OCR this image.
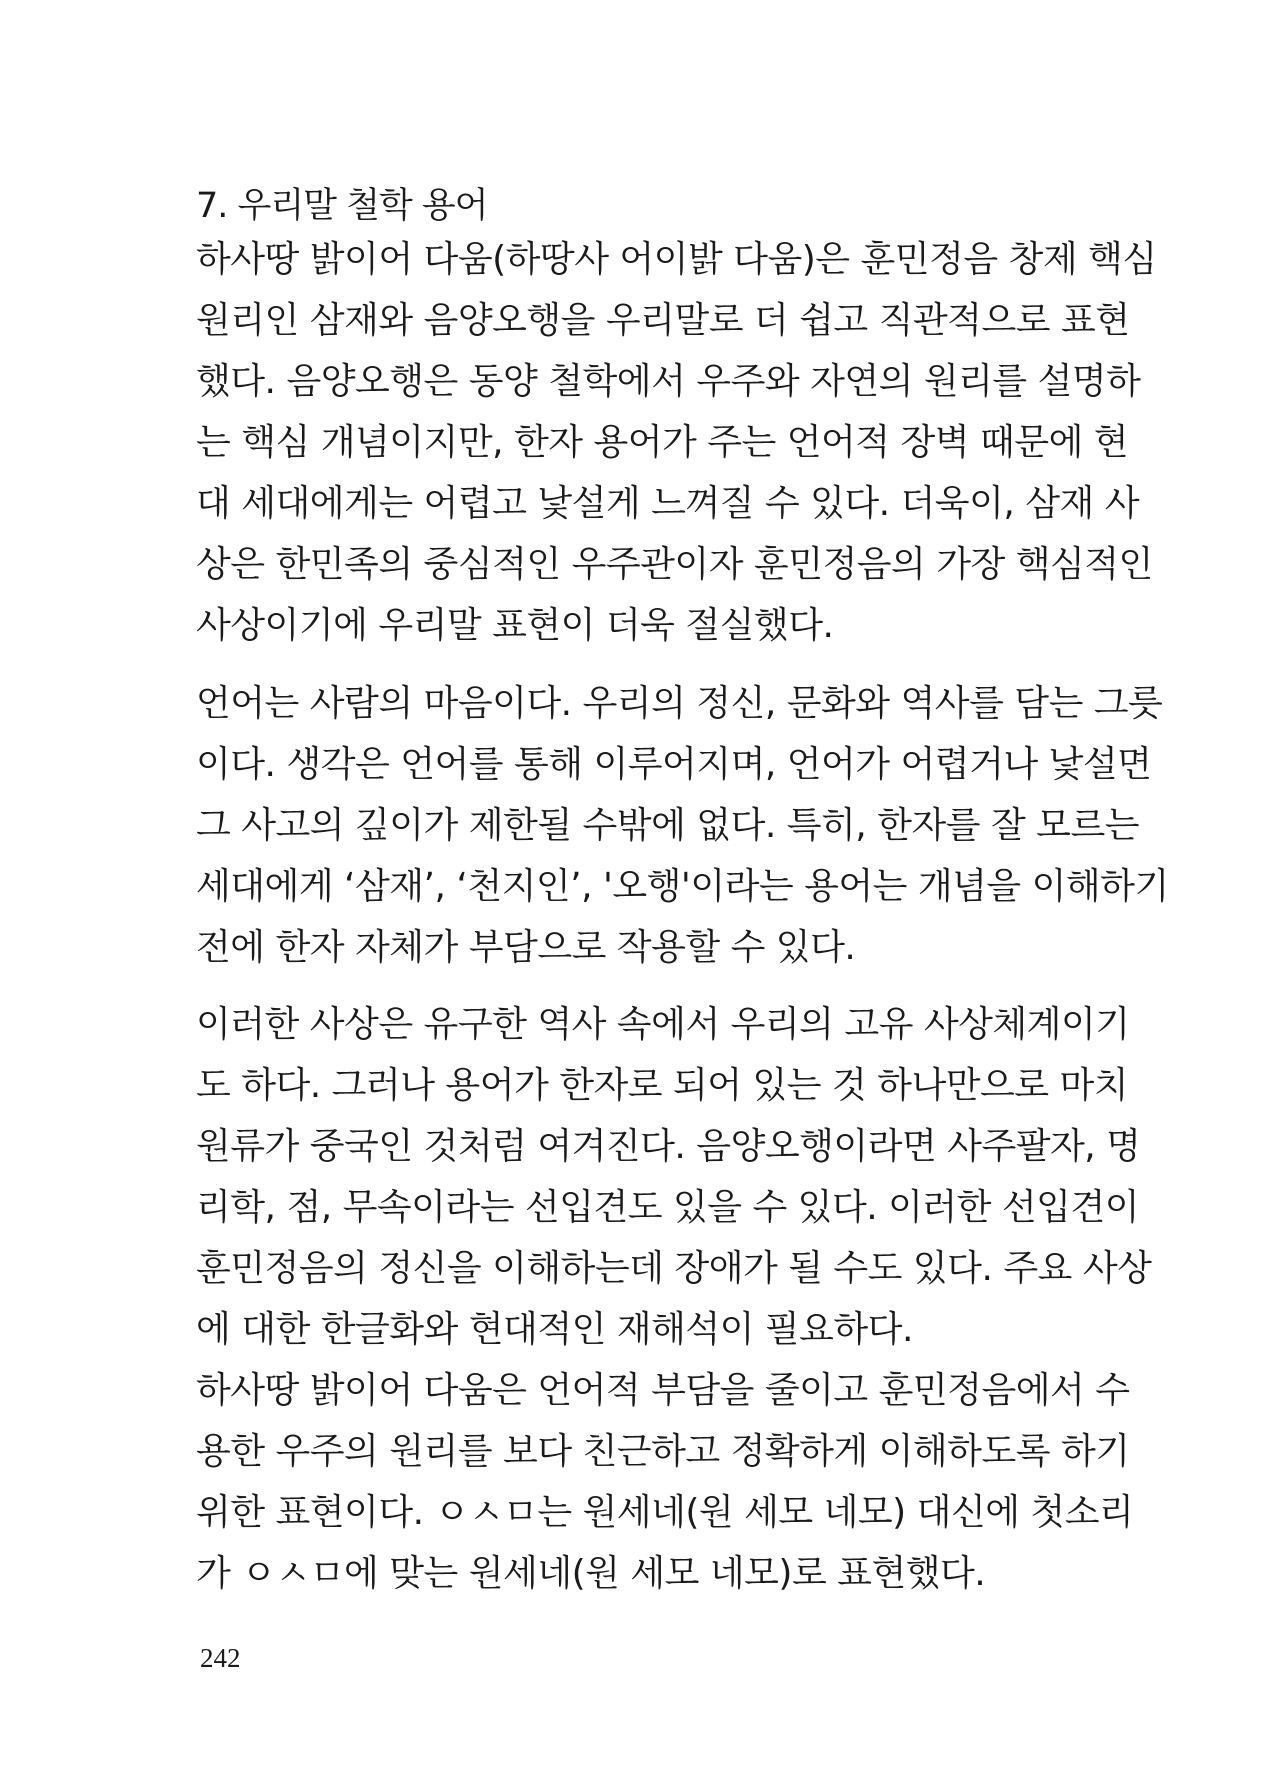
7. 우리말 철학 용어

하사땅 밝이어 다움(하땅사 어이밝 다움)은 훈민정음 창제 핵심

원리인 삼재와 음양오행을 우리말로 더 쉽고 직관적으로 표현

했다. 음양오행은 동양 철학에서 우주와 자연의 원리를 설명하

는 핵심 개념이지만, 한자 용어가 주는 언어적 장벽 때문에 현

대 세대에게는 어렵고 낯설게 느껴질 수 있다. 더욱이, 삼재 사

상은 한민족의 중심적인 우주관이자 훈민정음의 가장 핵심적인

사상이기에 우리말 표현이 더욱 절실했다.

언어는 사람의 마음이다. 우리의 정신, 문화와 역사를 담는 그릇

이다. 생각은 언어를 통해 이루어지며, 언어가 어렵거나 낯설면

그 사고의 깊이가 제한될 수밖에 없다. 특히, 한자를 잘 모르는

세대에게 ‘삼재’, ‘천지인’, '오행'이라는 용어는 개념을 이해하기

전에 한자 자체가 부담으로 작용할 수 있다.

이러한 사상은 유구한 역사 속에서 우리의 고유 사상체계이기

도 하다. 그러나 용어가 한자로 되어 있는 것 하나만으로 마치

원류가 중국인 것처럼 여겨진다. 음양오행이라면 사주팔자, 명

리학, 점, 무속이라는 선입견도 있을 수 있다. 이러한 선입견이

훈민정음의 정신을 이해하는데 장애가 될 수도 있다. 주요 사상

에 대한 한글화와 현대적인 재해석이 필요하다.

하사땅 밝이어 다움은 언어적 부담을 줄이고 훈민정음에서 수

용한 우주의 원리를 보다 친근하고 정확하게 이해하도록 하기

위한 표현이다. ㅇㅅㅁ는 원세네(원 세모 네모) 대신에 첫소리

가 ㅇㅅㅁ에 맞는 원세네(원 세모 네모)로 표현했다.

242
